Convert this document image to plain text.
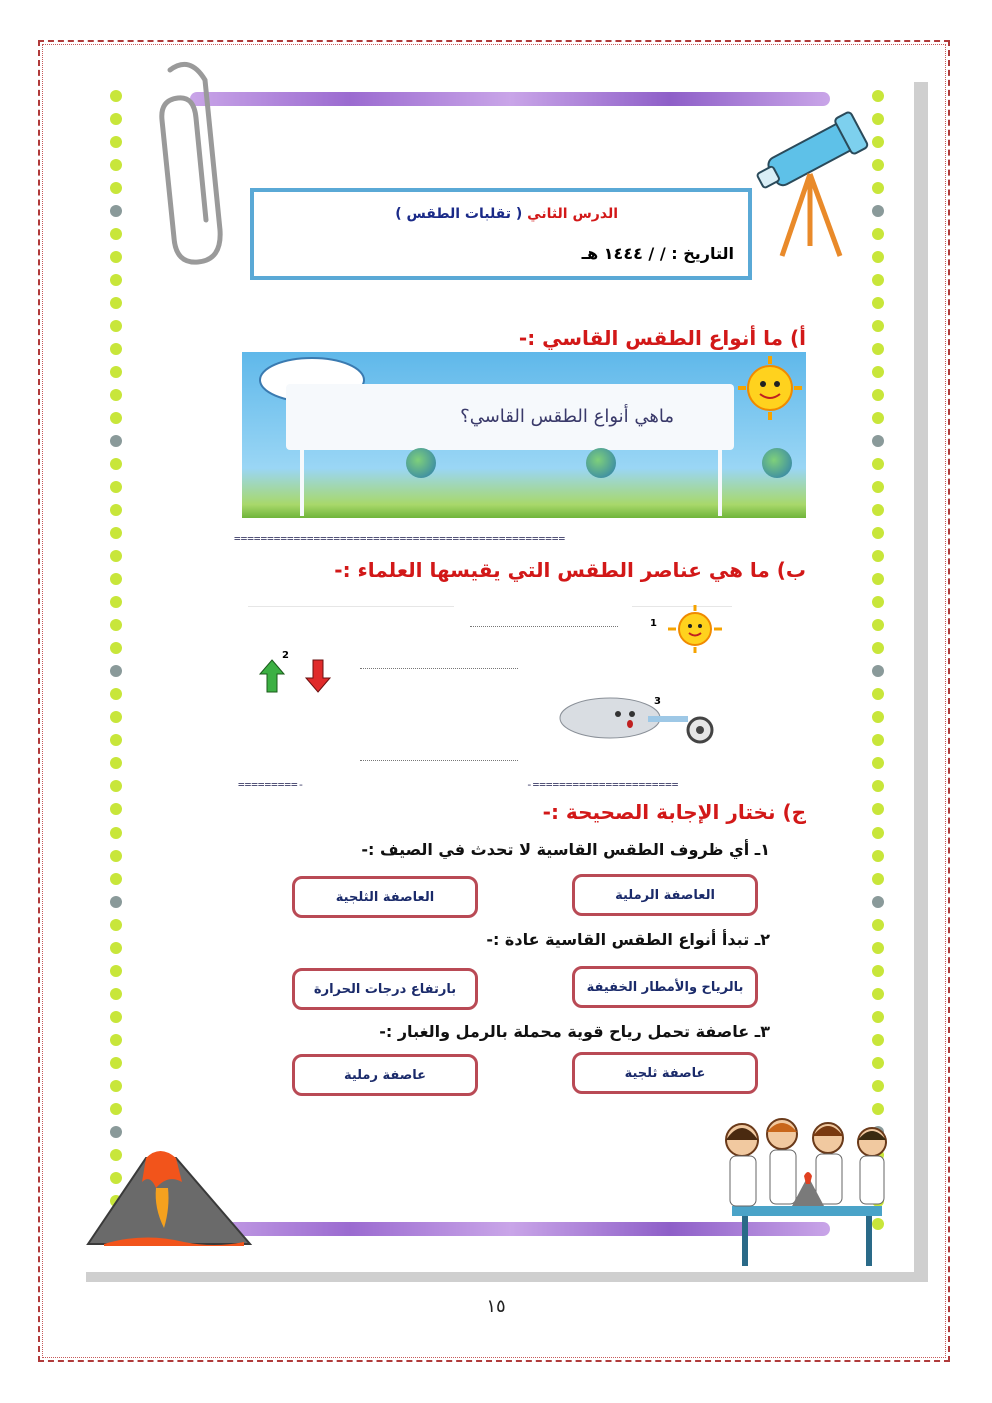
الدرس الثاني ( تقلبات الطقس )
التاريخ : / / ١٤٤٤ هـ
أ) ما أنواع الطقس القاسي :-
ماهي أنواع الطقس القاسي؟
==================================================
ب) ما هي عناصر الطقس التي يقيسها العلماء :-
1
2
3
=========-	-======================
ج) نختار الإجابة الصحيحة :-
١ـ أي ظروف الطقس القاسية لا تحدث في الصيف :-
العاصفة الرملية
العاصفة الثلجية
٢ـ تبدأ أنواع الطقس القاسية عادة :-
بالرياح والأمطار الخفيفة
بارتفاع درجات الحرارة
٣ـ عاصفة تحمل رياح قوية محملة بالرمل والغبار :-
عاصفة ثلجية
عاصفة رملية
١٥
